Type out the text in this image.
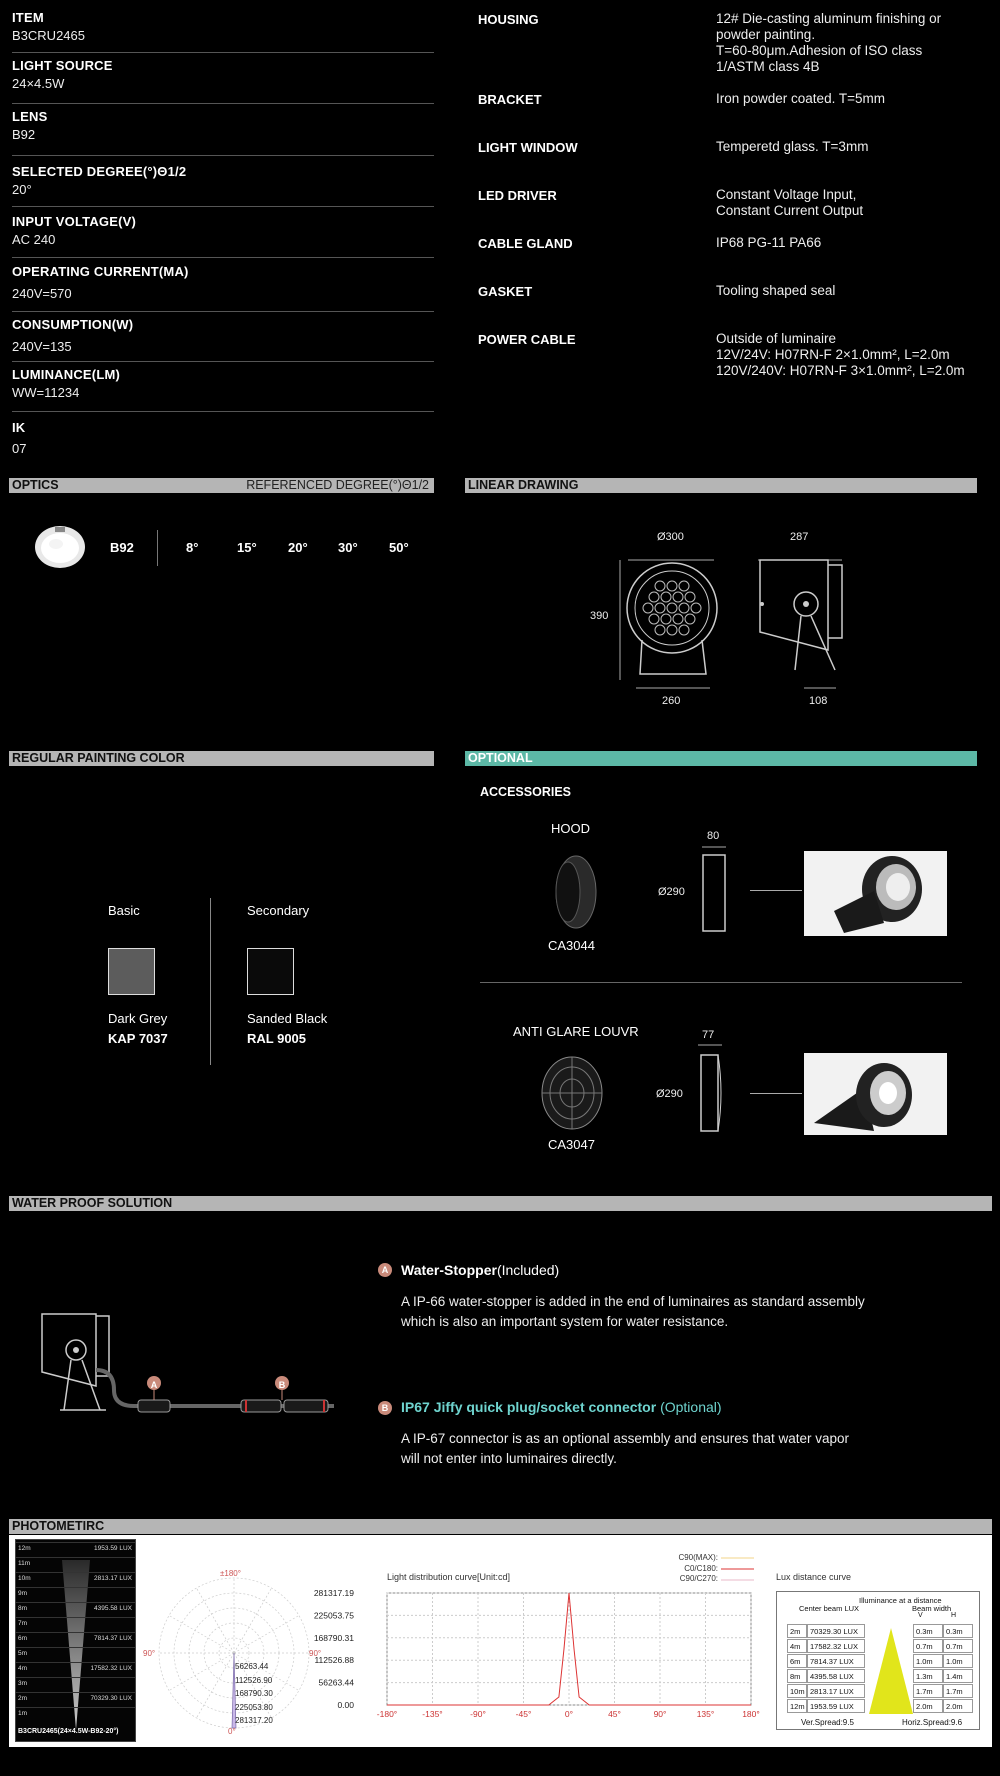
ITEM
B3CRU2465
LIGHT SOURCE
24×4.5W
LENS
B92
SELECTED DEGREE(°)Θ1/2
20°
INPUT VOLTAGE(V)
AC 240
OPERATING CURRENT(MA)
240V=570
CONSUMPTION(W)
240V=135
LUMINANCE(LM)
WW=11234
IK
07
HOUSING	12# Die-casting aluminum finishing or
powder painting.
T=60-80μm.Adhesion of ISO class
1/ASTM class 4B
BRACKET	Iron powder coated. T=5mm
LIGHT WINDOW	Temperetd glass. T=3mm
LED DRIVER	Constant Voltage Input,
Constant Current Output
CABLE GLAND	IP68 PG-11 PA66
GASKET	Tooling shaped seal
POWER CABLE	Outside of luminaire
12V/24V: H07RN-F 2×1.0mm², L=2.0m
120V/240V: H07RN-F 3×1.0mm², L=2.0m
OPTICS	REFERENCED DEGREE(°)Θ1/2
B92	8°	15° 20° 30° 50°
LINEAR DRAWING
Ø300
390
260
287
108
REGULAR PAINTING COLOR
Basic	Secondary
Dark Grey
KAP 7037
Sanded Black
RAL 9005
OPTIONAL
ACCESSORIES
HOOD
CA3044
80
Ø290
ANTI GLARE LOUVR
CA3047
77
Ø290
WATER PROOF SOLUTION
A	B
A Water-Stopper(Included)
A IP-66 water-stopper is added in the end of luminaires as standard assembly
which is also an important system for water resistance.
B IP67 Jiffy quick plug/socket connector (Optional)
A IP-67 connector is as an optional assembly and ensures that water vapor
will not enter into luminaires directly.
PHOTOMETIRC
12m	1953.59 LUX
11m
10m	2813.17 LUX
9m
8m	4395.58 LUX
7m
6m	7814.37 LUX
5m
4m	17582.32 LUX
3m
2m	70329.30 LUX
1m
B3CRU2465(24×4.5W-B92-20°)
±180°
90°	90°
0°
56263.44
112526.90
168790.30
225053.80
281317.20
C90(MAX):
C0/C180:
C90/C270:
Light distribution curve[Unit:cd]
281317.19
225053.75
168790.31
112526.88
56263.44
0.00
-180°	-135°	-90°	-45°	0°	45°	90°	135°	180°
Lux distance curve
Illuminance at a distance
Center beam LUX	Beam width
V	H
2m	70329.30 LUX	0.3m	0.3m
4m	17582.32 LUX	0.7m	0.7m
6m	7814.37 LUX	1.0m	1.0m
8m	4395.58 LUX	1.3m	1.4m
10m 2813.17 LUX	1.7m	1.7m
12m 1953.59 LUX	2.0m	2.0m
Ver.Spread:9.5	Horiz.Spread:9.6
